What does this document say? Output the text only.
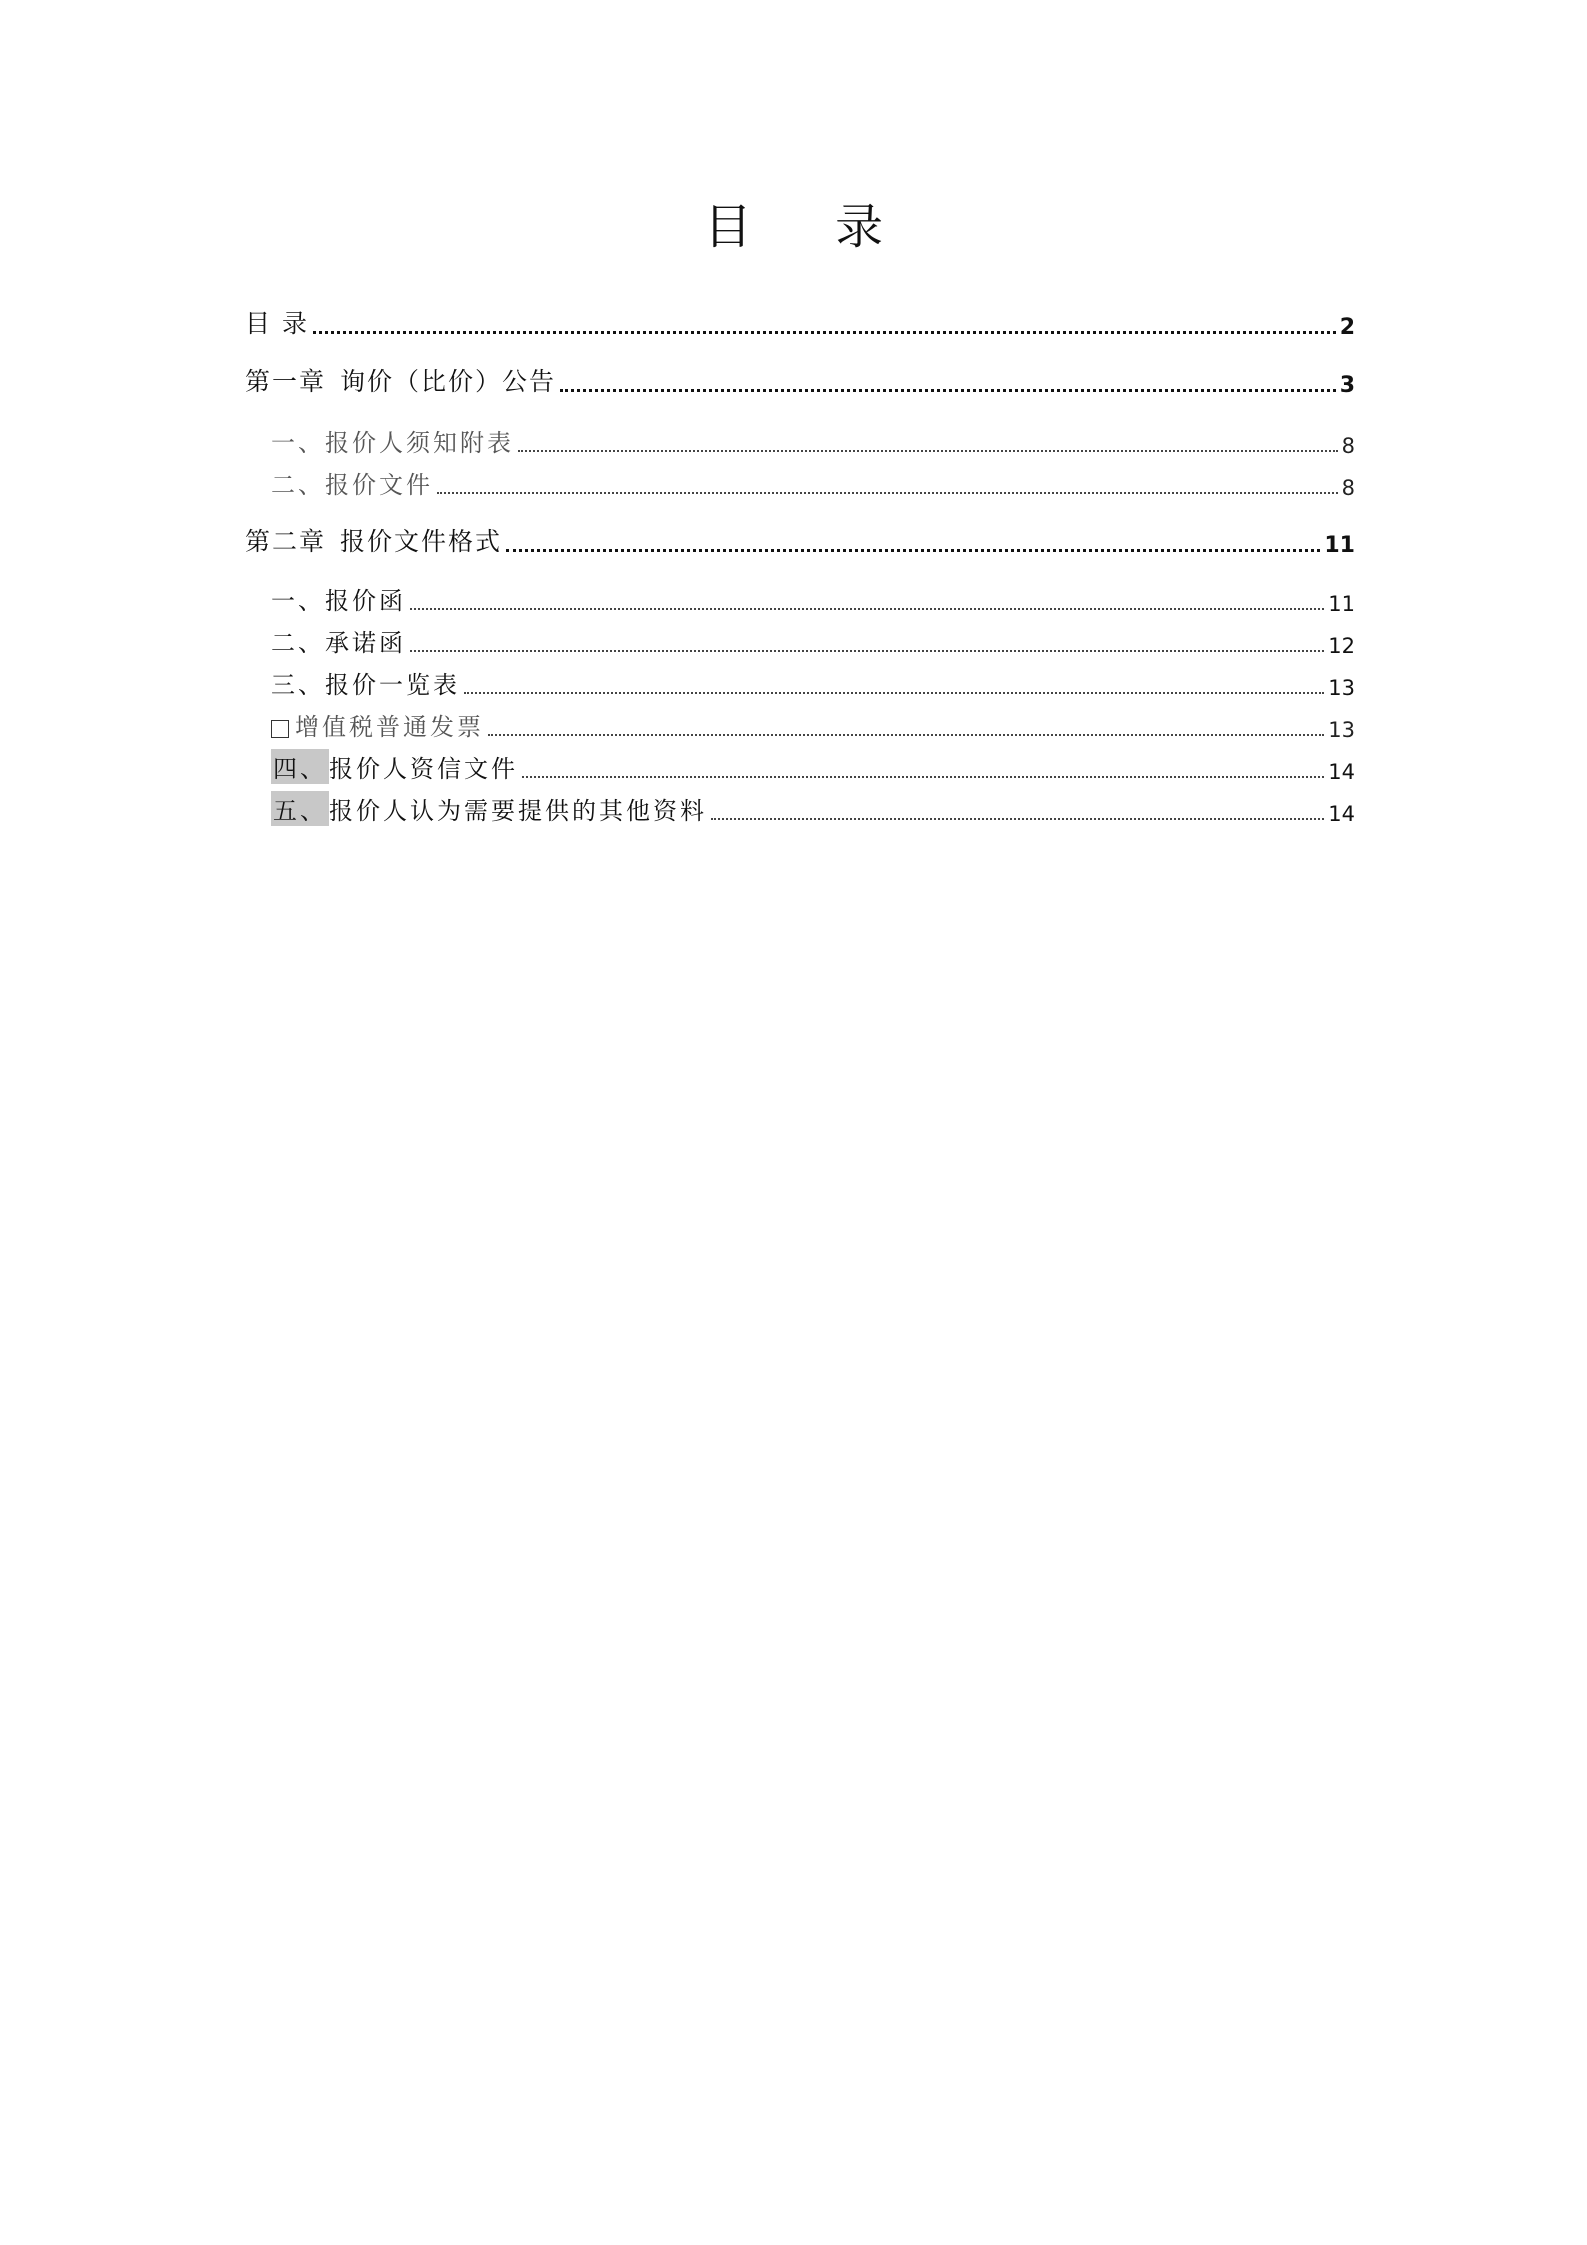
目 录
目 录	2
第一章 询价（比价）公告	3
一、报价人须知附表	8
二、报价文件	8
第二章 报价文件格式	11
一、报价函	11
二、承诺函	12
三、报价一览表	13
增值税普通发票	13
四、 报价人资信文件	14
五、 报价人认为需要提供的其他资料	14
